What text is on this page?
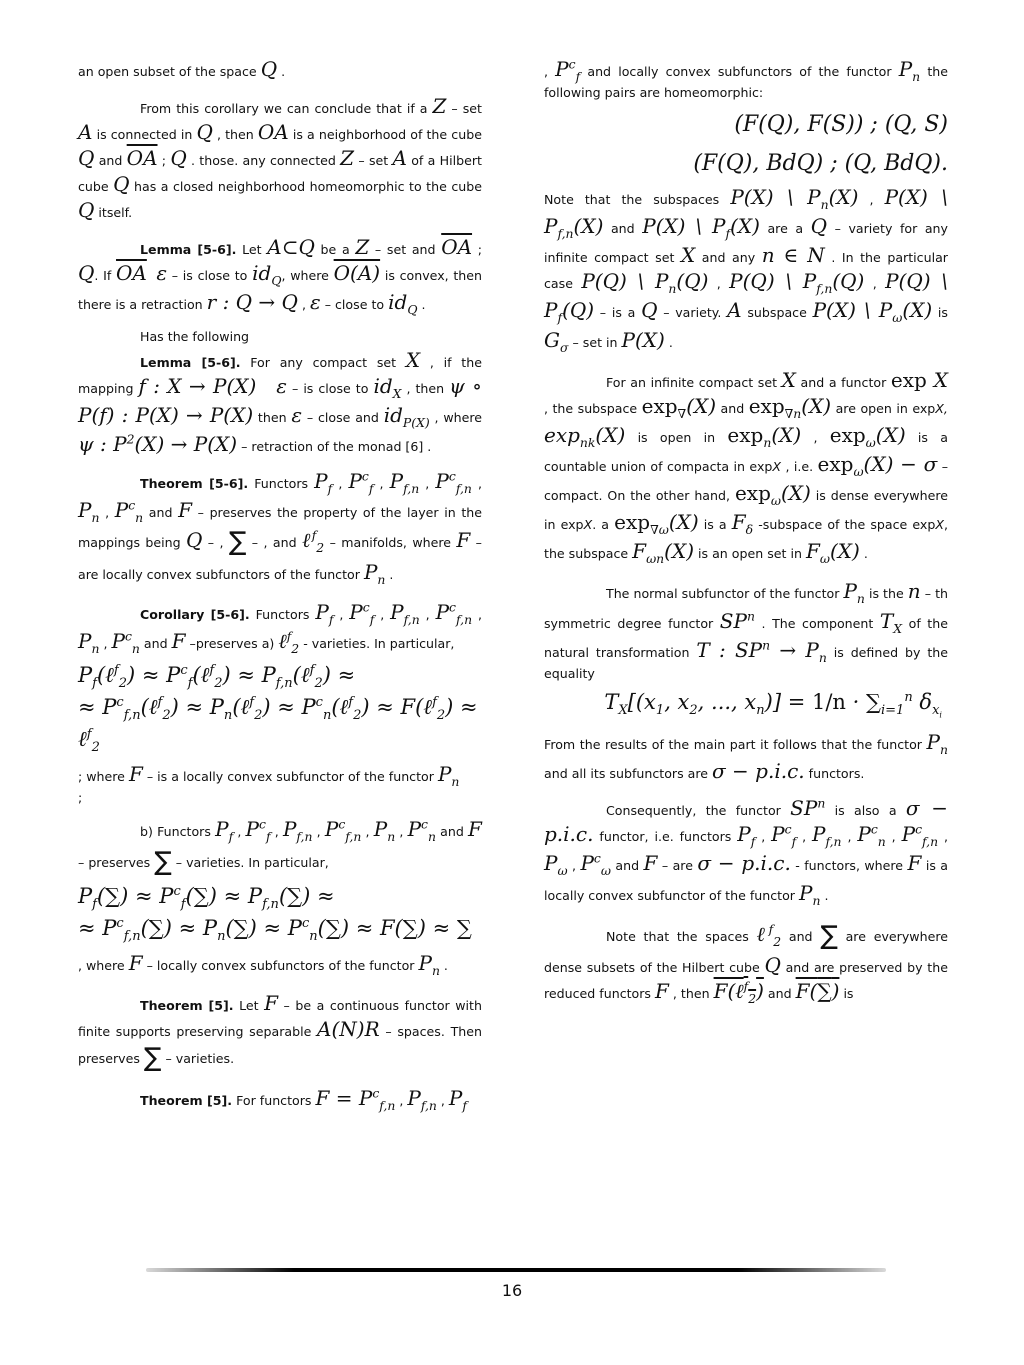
an open subset of the space Q .

From this corollary we can conclude that if a Z – set A is connected in Q , then OA is a neighborhood of the cube Q and $\overline{OA}$ ; Q . those. any connected Z – set A of a Hilbert cube Q has a closed neighborhood homeomorphic to the cube Q itself.

Lemma [5-6]. Let A⊂Q be a Z – set and $\overline{OA}$ ; Q. If $\overline{OA}$ ε – is close to $id_Q$, where O(A) is convex, then there is a retraction r : Q → Q , ε – close to $id_Q$ .

Has the following

Lemma [5-6]. For any compact set X , if the mapping f : X → P(X) ε – is close to $id_X$ , then ψ ∘ P(f) : P(X) → P(X) then ε – close and $id_{P(X)}$ , where ψ : $P^2(X) \to P(X)$ – retraction of the monad [6] .

Theorem [5-6]. Functors $P_f$ , $P^c_f$ , $P_{f,n}$ , $P^c_{f,n}$ , $P_n$ , $P^c_n$ and F – preserves the property of the layer in the mappings being Q – , ∑ – , and ℓ$^f_2$ – manifolds, where F – are locally convex subfunctors of the functor $P_n$ .

Corollary [5-6]. Functors $P_f$ , $P^c_f$ , $P_{f,n}$ , $P^c_{f,n}$ , $P_n$ , $P^c_n$ and F –preserves a) ℓ$^f_2$ - varieties. In particular,

$P_f(\ell^f_2)$ ≈ $P^c_f(\ell^f_2)$ ≈ $P_{f,n}(\ell^f_2)$ ≈
≈ $P^c_{f,n}(\ell^f_2)$ ≈ $P_n(\ell^f_2)$ ≈ $P^c_n(\ell^f_2)$ ≈ F(ℓ$^f_2$) ≈ ℓ$^f_2$

; where F – is a locally convex subfunctor of the functor $P_n$
;

b) Functors $P_f$ , $P^c_f$ , $P_{f,n}$ , $P^c_{f,n}$ , $P_n$ , $P^c_n$ and F – preserves ∑ – varieties. In particular,

$P_f(\sum) \approx P^c_f(\sum) \approx P_{f,n}(\sum)$ ≈
≈ $P^c_{f,n}(\sum) \approx P_n(\sum) \approx P^c_n(\sum) \approx F(\sum)$ ≈ ∑

, where F – locally convex subfunctors of the functor $P_n$ .

Theorem [5]. Let F – be a continuous functor with finite supports preserving separable A(N)R – spaces. Then preserves ∑ – varieties.

Theorem [5]. For functors $F = P^c_{f,n}$ , $P_{f,n}$ , $P_f$

, $P^c_f$ and locally convex subfunctors of the functor $P_n$ the following pairs are homeomorphic:

(F(Q), F(S)) ; (Q, S)
(F(Q), BdQ) ; (Q, BdQ).

Note that the subspaces P(X) \ $P_n(X)$ , P(X) \ $P_{f,n}(X)$ and P(X) \ $P_f(X)$ are a Q – variety for any infinite compact set X and any n ∈ N . In the particular case P(Q) \ $P_n(Q)$ , P(Q) \ $P_{f,n}(Q)$ , P(Q) \ $P_f(Q)$ – is a Q – variety. A subspace P(X) \ $P_\omega(X)$ is $G_\sigma$ – set in P(X) .

For an infinite compact set X and a functor exp X , the subspace $\exp_\nabla(X)$ and $\exp_{\nabla n}(X)$ are open in expX, $\exp_{nk}(X)$ is open in $\exp_n(X)$ , $\exp_\omega(X)$ is a countable union of compacta in expX , i.e. $\exp_\omega(X) - \sigma$ – compact. On the other hand, $\exp_\omega(X)$ is dense everywhere in expX. a $\exp_{\nabla\omega}(X)$ is a $F_\delta$ -subspace of the space expX, the subspace $F_{\omega n}(X)$ is an open set in $F_\omega(X)$ .

The normal subfunctor of the functor $P_n$ is the n – th symmetric degree functor $SP^n$ . The component $T_X$ of the natural transformation T : $SP^n \to P_n$ is defined by the equality

$T_X[(x_1$, $x_2$, ..., $x_n)] = 1/n \cdot \sum_{i=1}^n$ $\delta_{x_i}$

From the results of the main part it follows that the functor $P_n$ and all its subfunctors are σ − p.i.c. functors.

Consequently, the functor $SP^n$ is also a σ − p.i.c. functor, i.e. functors $P_f$ , $P^c_f$ , $P_{f,n}$ , $P^c_n$ , $P^c_{f,n}$ , $P_\omega$ , $P^c_\omega$ and F – are σ − p.i.c. - functors, where F is a locally convex subfunctor of the functor $P_n$ .

Note that the spaces ℓ$^f_2$ and ∑ are everywhere dense subsets of the Hilbert cube Q and are preserved by the reduced functors F , then F(ℓ$^f_2$) and F(∑) is

16
